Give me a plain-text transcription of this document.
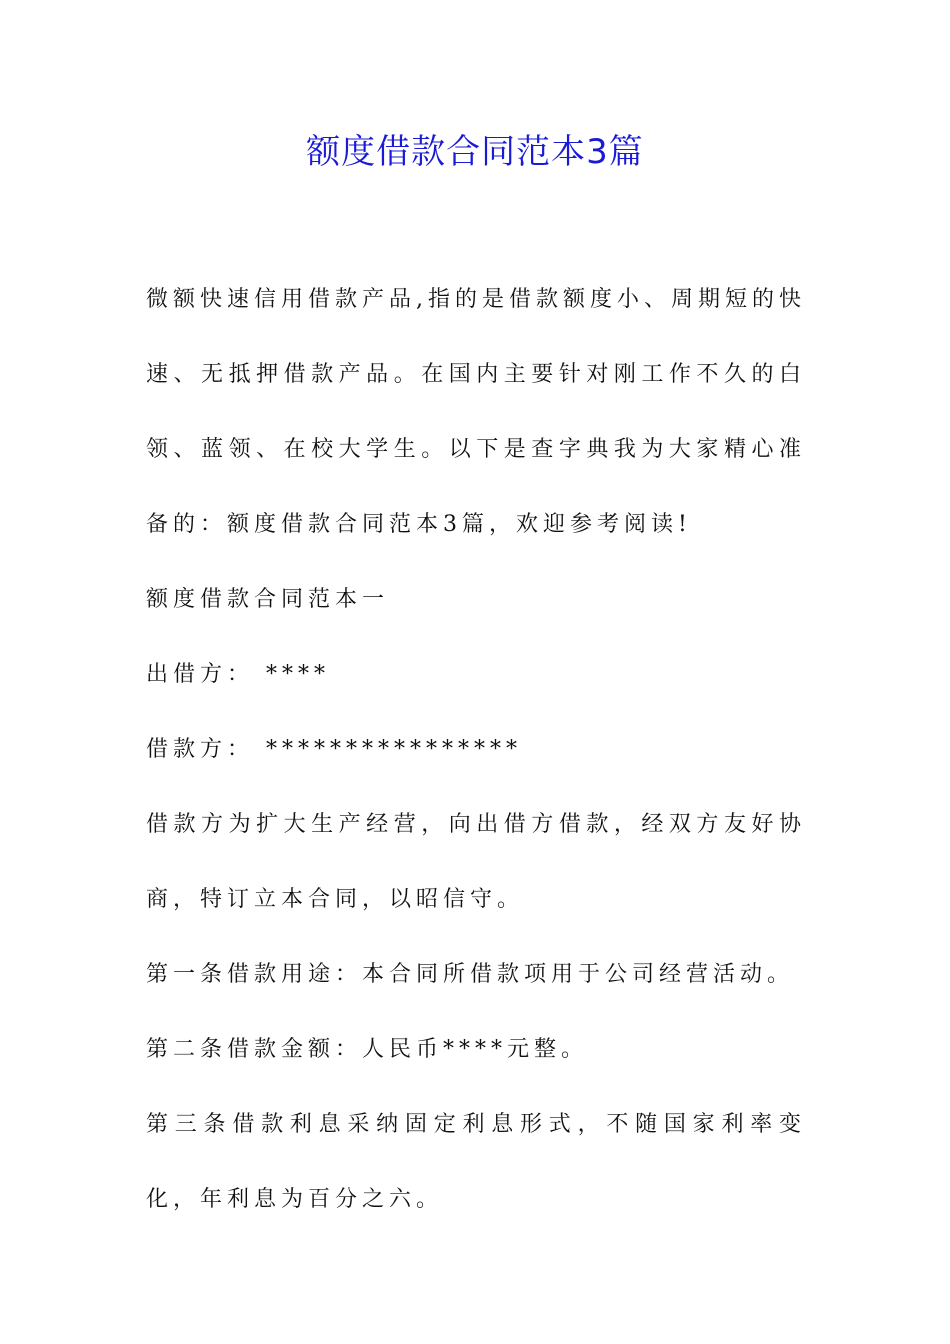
额度借款合同范本3篇

微额快速信用借款产品,指的是借款额度小、周期短的快速、无抵押借款产品。在国内主要针对刚工作不久的白领、蓝领、在校大学生。以下是查字典我为大家精心准备的：额度借款合同范本3篇，欢迎参考阅读!

额度借款合同范本一

出借方： ****

借款方： ****************

借款方为扩大生产经营，向出借方借款，经双方友好协商，特订立本合同，以昭信守。

第一条借款用途：本合同所借款项用于公司经营活动。

第二条借款金额：人民币****元整。

第三条借款利息采纳固定利息形式，不随国家利率变化，年利息为百分之六。
